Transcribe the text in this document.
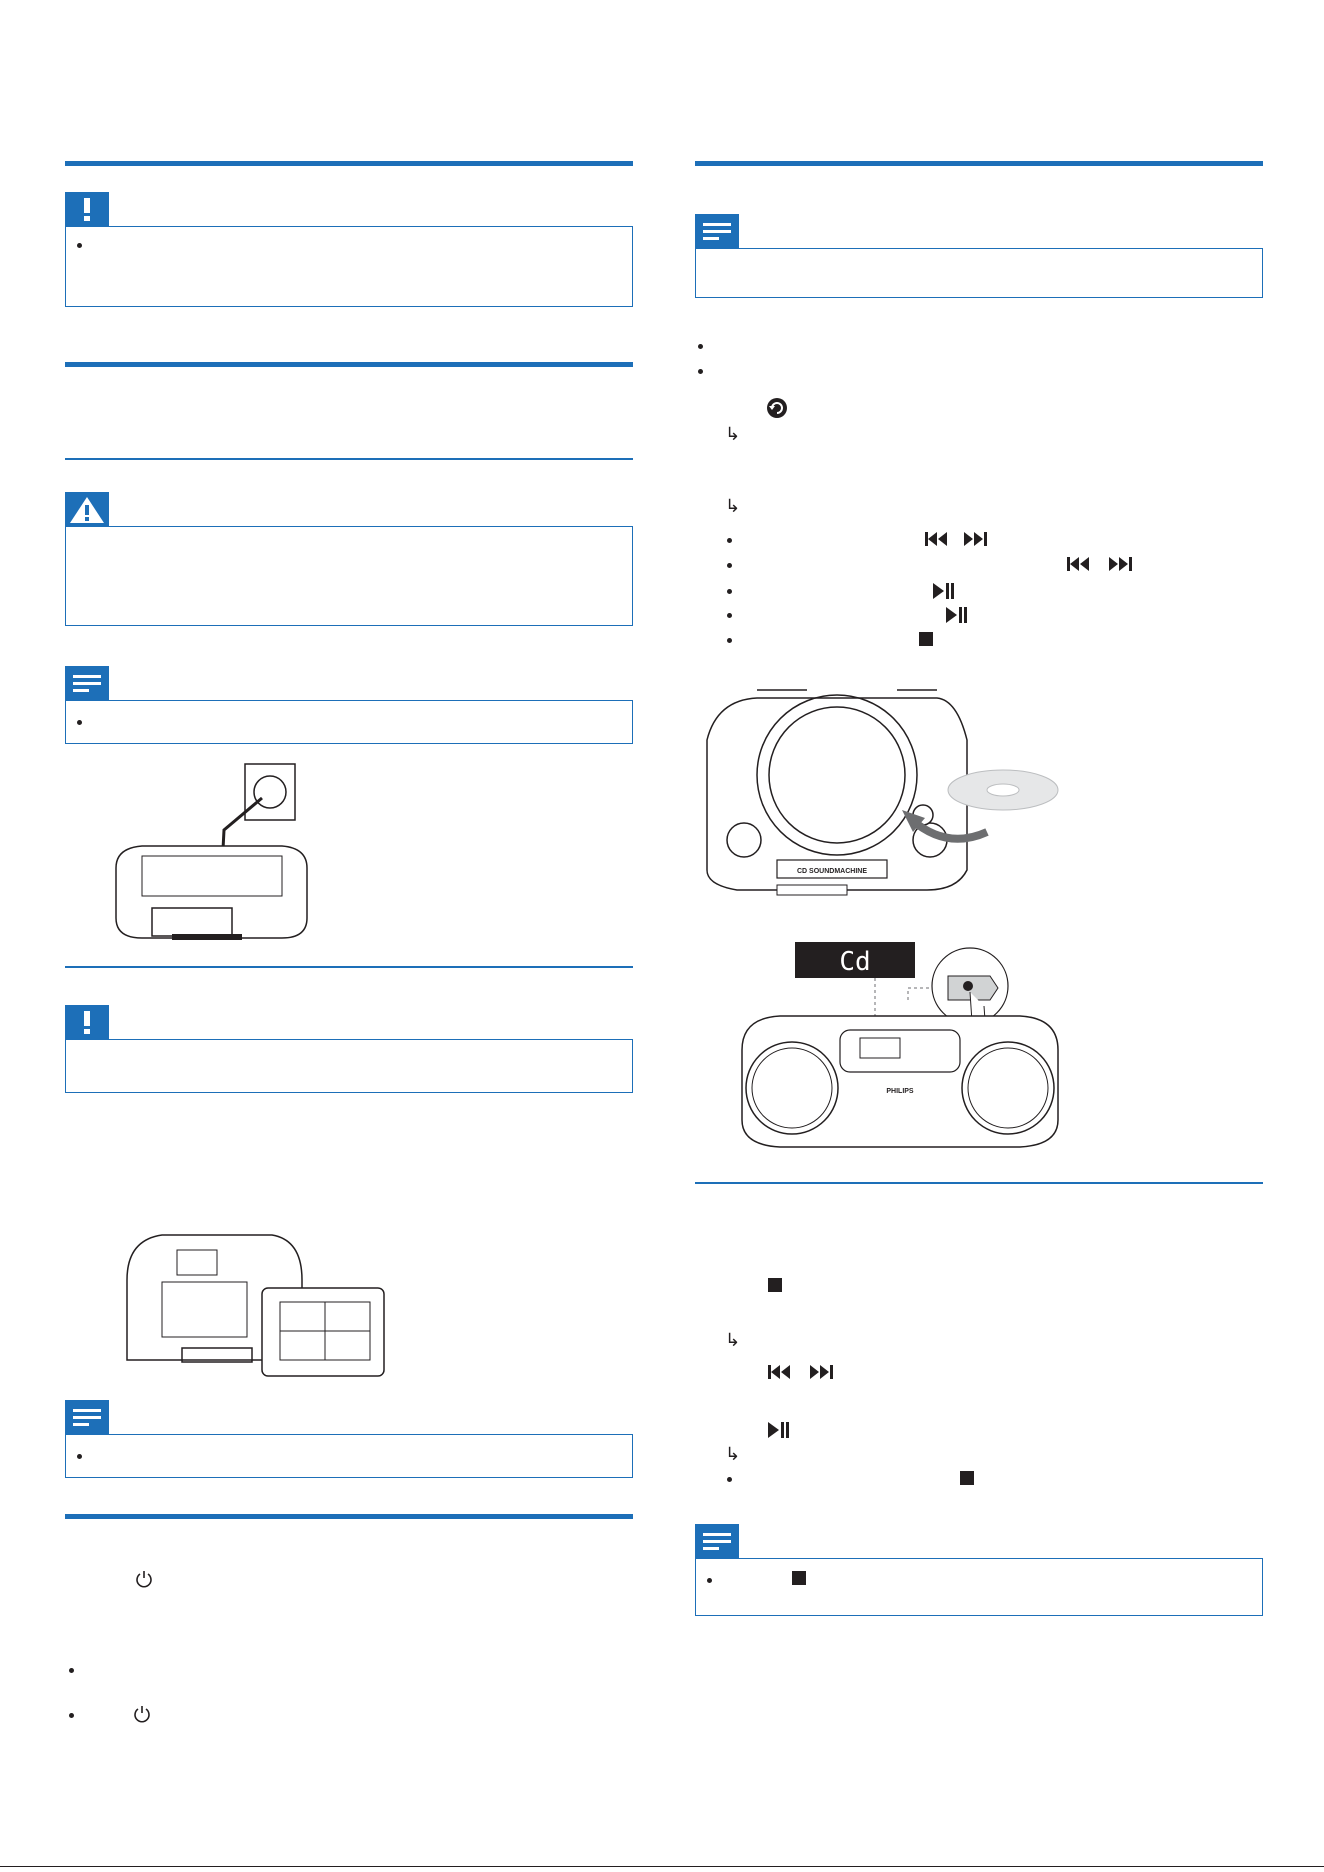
↳
↳
CD SOUNDMACHINE
Cd
PHILIPS
↳
↳
